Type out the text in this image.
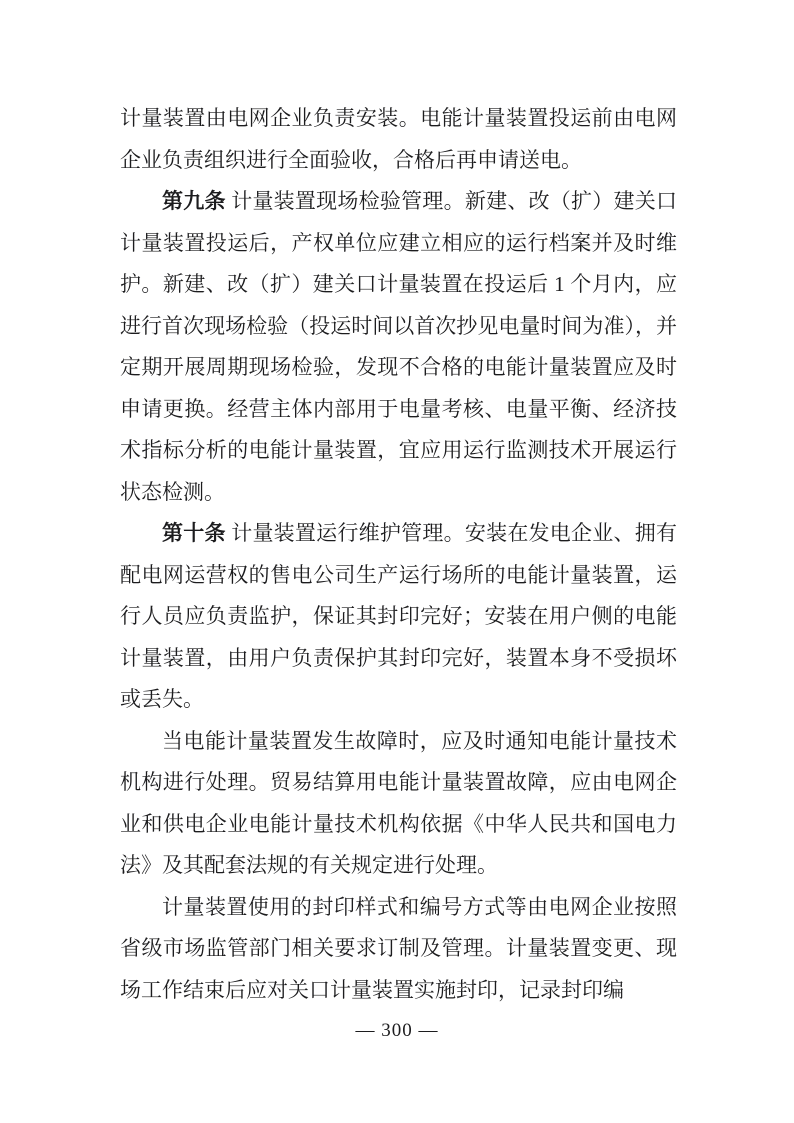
计量装置由电网企业负责安装。电能计量装置投运前由电网企业负责组织进行全面验收，合格后再申请送电。

第九条 计量装置现场检验管理。新建、改（扩）建关口计量装置投运后，产权单位应建立相应的运行档案并及时维护。新建、改（扩）建关口计量装置在投运后 1 个月内，应进行首次现场检验（投运时间以首次抄见电量时间为准），并定期开展周期现场检验，发现不合格的电能计量装置应及时申请更换。经营主体内部用于电量考核、电量平衡、经济技术指标分析的电能计量装置，宜应用运行监测技术开展运行状态检测。

第十条 计量装置运行维护管理。安装在发电企业、拥有配电网运营权的售电公司生产运行场所的电能计量装置，运行人员应负责监护，保证其封印完好；安装在用户侧的电能计量装置，由用户负责保护其封印完好，装置本身不受损坏或丢失。

当电能计量装置发生故障时，应及时通知电能计量技术机构进行处理。贸易结算用电能计量装置故障，应由电网企业和供电企业电能计量技术机构依据《中华人民共和国电力法》及其配套法规的有关规定进行处理。

计量装置使用的封印样式和编号方式等由电网企业按照省级市场监管部门相关要求订制及管理。计量装置变更、现场工作结束后应对关口计量装置实施封印，记录封印编

— 300 —
